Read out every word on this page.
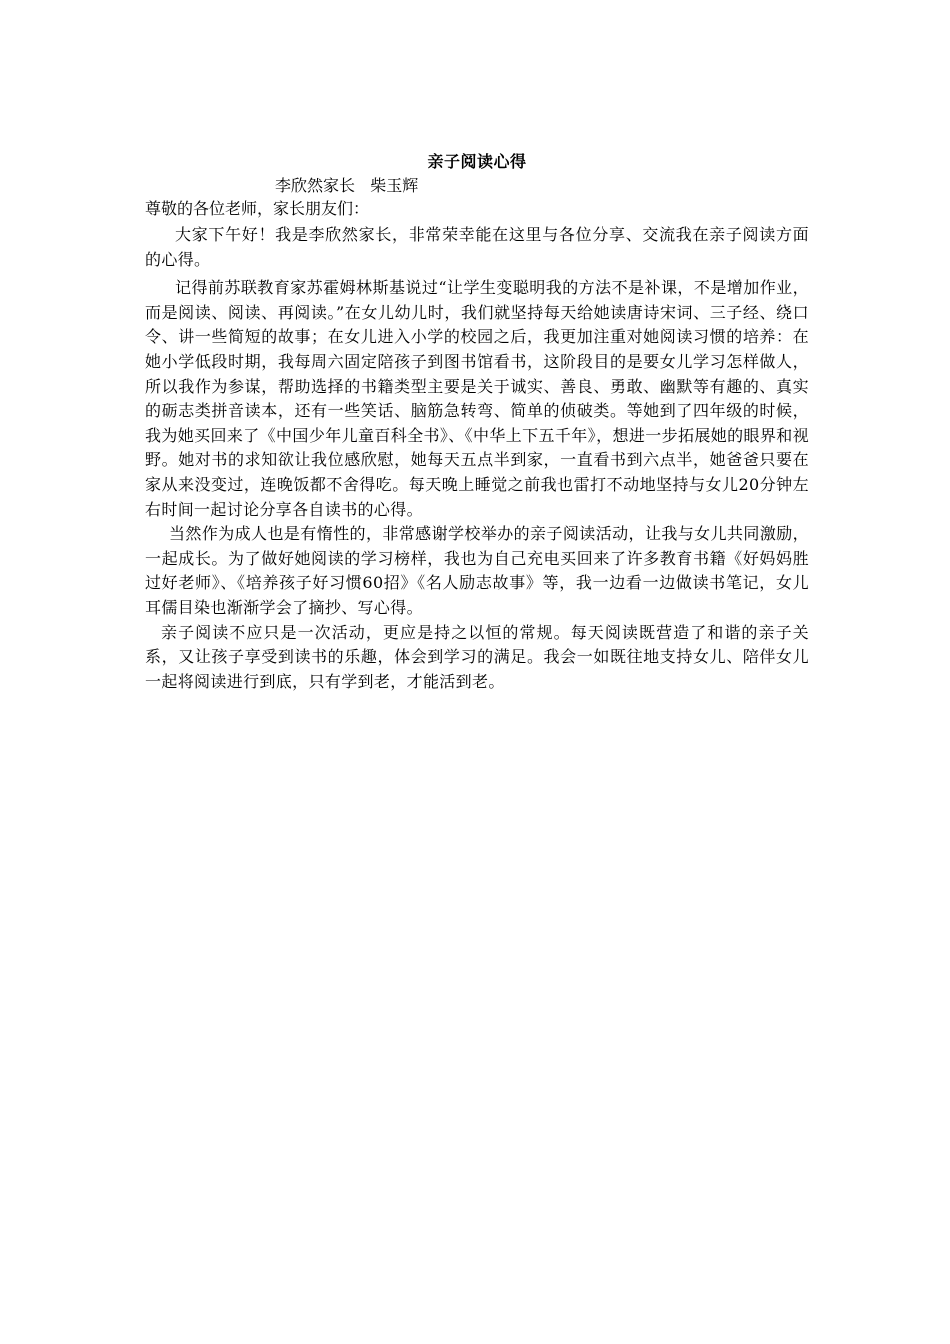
亲子阅读心得

李欣然家长   柴玉辉

尊敬的各位老师，家长朋友们：

大家下午好！我是李欣然家长，非常荣幸能在这里与各位分享、交流我在亲子阅读方面的心得。

记得前苏联教育家苏霍姆林斯基说过“让学生变聪明我的方法不是补课，不是增加作业，而是阅读、阅读、再阅读。”在女儿幼儿时，我们就坚持每天给她读唐诗宋词、三子经、绕口令、讲一些简短的故事；在女儿进入小学的校园之后，我更加注重对她阅读习惯的培养：在她小学低段时期，我每周六固定陪孩子到图书馆看书，这阶段目的是要女儿学习怎样做人，所以我作为参谋，帮助选择的书籍类型主要是关于诚实、善良、勇敢、幽默等有趣的、真实的砺志类拼音读本，还有一些笑话、脑筋急转弯、简单的侦破类。等她到了四年级的时候，我为她买回来了《中国少年儿童百科全书》、《中华上下五千年》，想进一步拓展她的眼界和视野。她对书的求知欲让我位感欣慰，她每天五点半到家，一直看书到六点半，她爸爸只要在家从来没变过，连晚饭都不舍得吃。每天晚上睡觉之前我也雷打不动地坚持与女儿20分钟左右时间一起讨论分享各自读书的心得。

当然作为成人也是有惰性的，非常感谢学校举办的亲子阅读活动，让我与女儿共同激励，一起成长。为了做好她阅读的学习榜样，我也为自己充电买回来了许多教育书籍《好妈妈胜过好老师》、《培养孩子好习惯60招》《名人励志故事》等，我一边看一边做读书笔记，女儿耳儒目染也渐渐学会了摘抄、写心得。

亲子阅读不应只是一次活动，更应是持之以恒的常规。每天阅读既营造了和谐的亲子关系，又让孩子享受到读书的乐趣，体会到学习的满足。我会一如既往地支持女儿、陪伴女儿一起将阅读进行到底，只有学到老，才能活到老。
